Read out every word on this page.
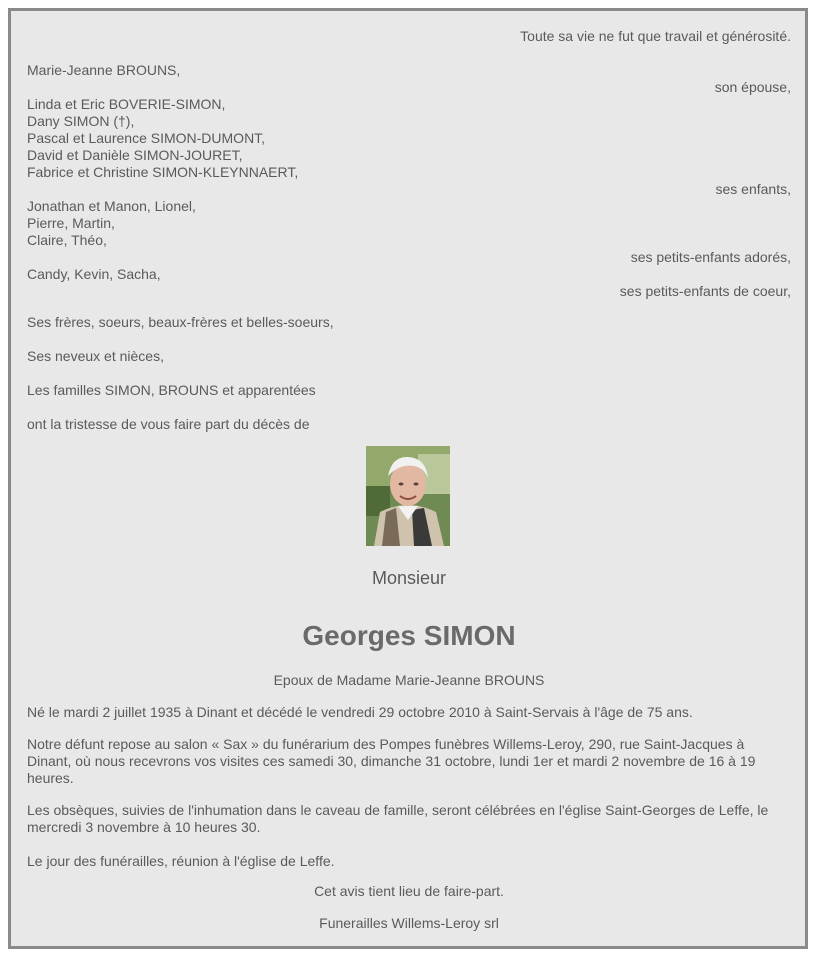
Toute sa vie ne fut que travail et générosité.
Marie-Jeanne BROUNS,
son épouse,
Linda et Eric BOVERIE-SIMON,
Dany SIMON (†),
Pascal et Laurence SIMON-DUMONT,
David et Danièle SIMON-JOURET,
Fabrice et Christine SIMON-KLEYNNAERT,
ses enfants,
Jonathan et Manon, Lionel,
Pierre, Martin,
Claire, Théo,
ses petits-enfants adorés,
Candy, Kevin, Sacha,
ses petits-enfants de coeur,
Ses frères, soeurs, beaux-frères et belles-soeurs,
Ses neveux et nièces,
Les familles SIMON, BROUNS et apparentées
ont la tristesse de vous faire part du décès de
Monsieur
Georges SIMON
Epoux de Madame Marie-Jeanne BROUNS
Né le mardi 2 juillet 1935 à Dinant et décédé le vendredi 29 octobre 2010 à Saint-Servais à l'âge de 75 ans.
Notre défunt repose au salon « Sax » du funérarium des Pompes funèbres Willems-Leroy, 290, rue Saint-Jacques à Dinant, où nous recevrons vos visites ces samedi 30, dimanche 31 octobre, lundi 1er et mardi 2 novembre de 16 à 19 heures.
Les obsèques, suivies de l'inhumation dans le caveau de famille, seront célébrées en l'église Saint-Georges de Leffe, le mercredi 3 novembre à 10 heures 30.
Le jour des funérailles, réunion à l'église de Leffe.
Cet avis tient lieu de faire-part.
Funerailles Willems-Leroy srl
